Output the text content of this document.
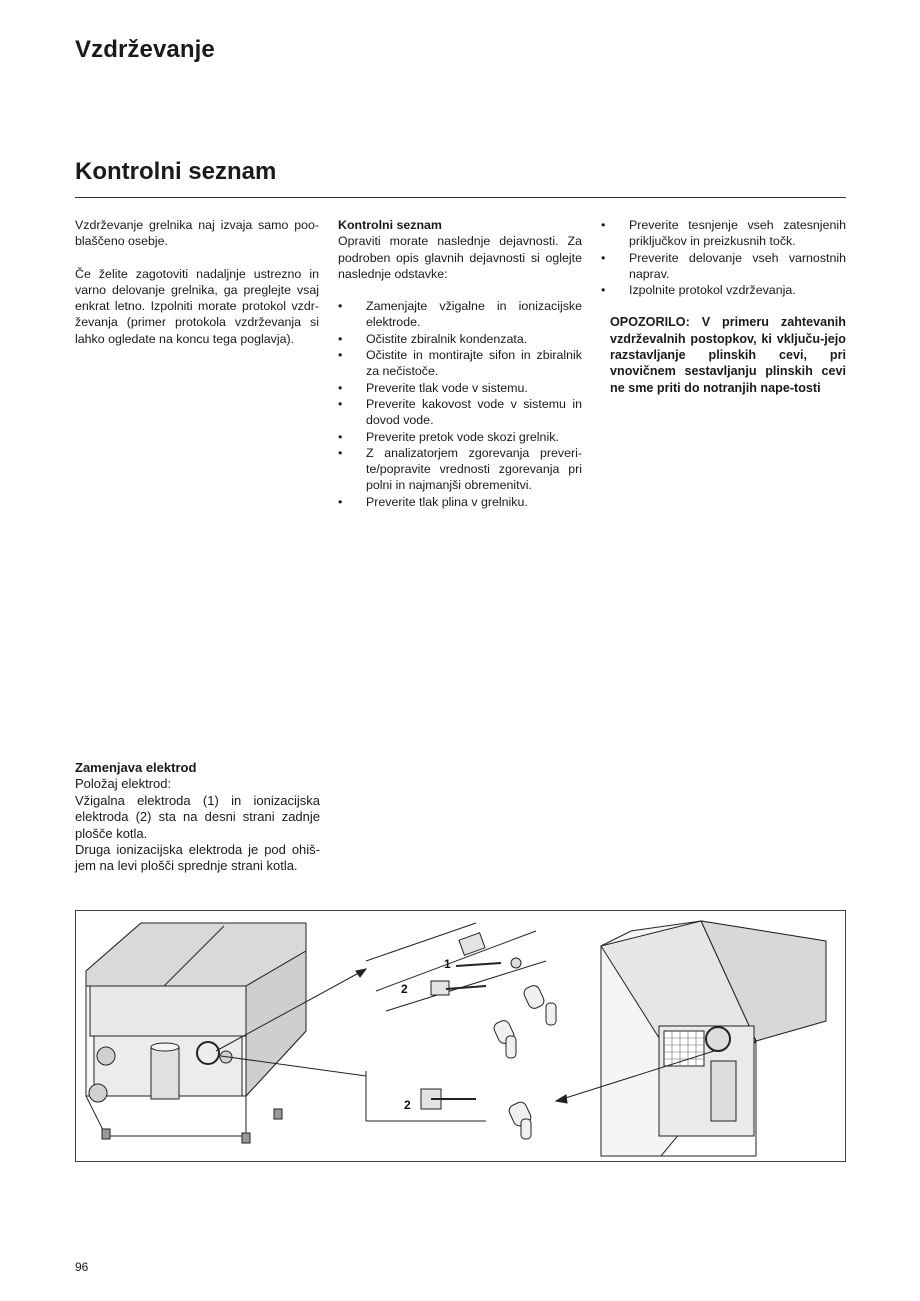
Vzdrževanje
Kontrolni seznam

Vzdrževanje grelnika naj izvaja samo poo-blaščeno osebje.

Če želite zagotoviti nadaljnje ustrezno in varno delovanje grelnika, ga preglejte vsaj enkrat letno. Izpolniti morate protokol vzdr-ževanja (primer protokola vzdrževanja si lahko ogledate na koncu tega poglavja).

Kontrolni seznam

Opraviti morate naslednje dejavnosti. Za podroben opis glavnih dejavnosti si oglejte naslednje odstavke:

• Zamenjajte vžigalne in ionizacijske elektrode.
• Očistite zbiralnik kondenzata.
• Očistite in montirajte sifon in zbiralnik za nečistoče.
• Preverite tlak vode v sistemu.
• Preverite kakovost vode v sistemu in dovod vode.
• Preverite pretok vode skozi grelnik.
• Z analizatorjem zgorevanja preveri-te/popravite vrednosti zgorevanja pri polni in najmanjši obremenitvi.
• Preverite tlak plina v grelniku.
• Preverite tesnjenje vseh zatesnjenih priključkov in preizkusnih točk.
• Preverite delovanje vseh varnostnih naprav.
• Izpolnite protokol vzdrževanja.

OPOZORILO: V primeru zahtevanih vzdrževalnih postopkov, ki vključu-jejo razstavljanje plinskih cevi, pri vnovičnem sestavljanju plinskih cevi ne sme priti do notranjih nape-tosti

Zamenjava elektrod

Položaj elektrod:

Vžigalna elektroda (1) in ionizacijska elektroda (2) sta na desni strani zadnje plošče kotla.

Druga ionizacijska elektroda je pod ohiš-jem na levi plošči sprednje strani kotla.

1
2
2
96
